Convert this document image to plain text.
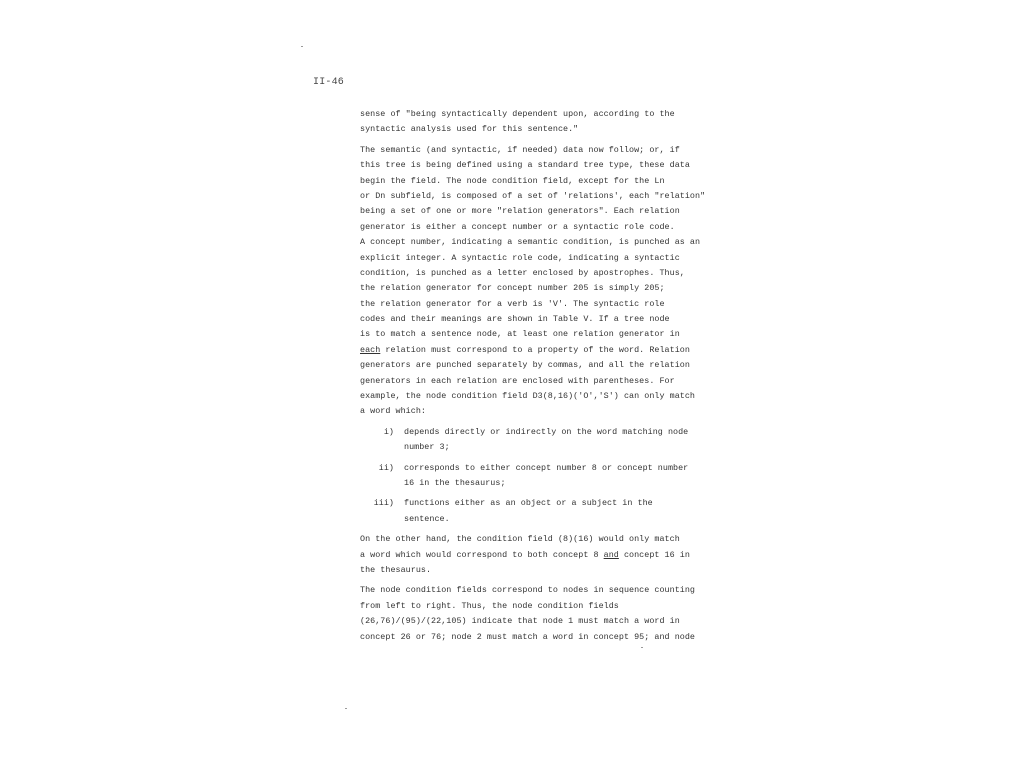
II-46
sense of "being syntactically dependent upon, according to the
syntactic analysis used for this sentence."
The semantic (and syntactic, if needed) data now follow; or, if
this tree is being defined using a standard tree type, these data
begin the field. The node condition field, except for the Ln
or Dn subfield, is composed of a set of 'relations', each "relation"
being a set of one or more "relation generators". Each relation
generator is either a concept number or a syntactic role code.
A concept number, indicating a semantic condition, is punched as an
explicit integer. A syntactic role code, indicating a syntactic
condition, is punched as a letter enclosed by apostrophes. Thus,
the relation generator for concept number 205 is simply 205;
the relation generator for a verb is 'V'. The syntactic role
codes and their meanings are shown in Table V. If a tree node
is to match a sentence node, at least one relation generator in
each relation must correspond to a property of the word. Relation
generators are punched separately by commas, and all the relation
generators in each relation are enclosed with parentheses. For
example, the node condition field D3(8,16)('O','S') can only match
a word which:
i) depends directly or indirectly on the word matching node
number 3;
ii) corresponds to either concept number 8 or concept number
16 in the thesaurus;
iii) functions either as an object or a subject in the
sentence.
On the other hand, the condition field (8)(16) would only match
a word which would correspond to both concept 8 and concept 16 in
the thesaurus.
The node condition fields correspond to nodes in sequence counting
from left to right. Thus, the node condition fields
(26,76)/(95)/(22,105) indicate that node 1 must match a word in
concept 26 or 76; node 2 must match a word in concept 95; and node
